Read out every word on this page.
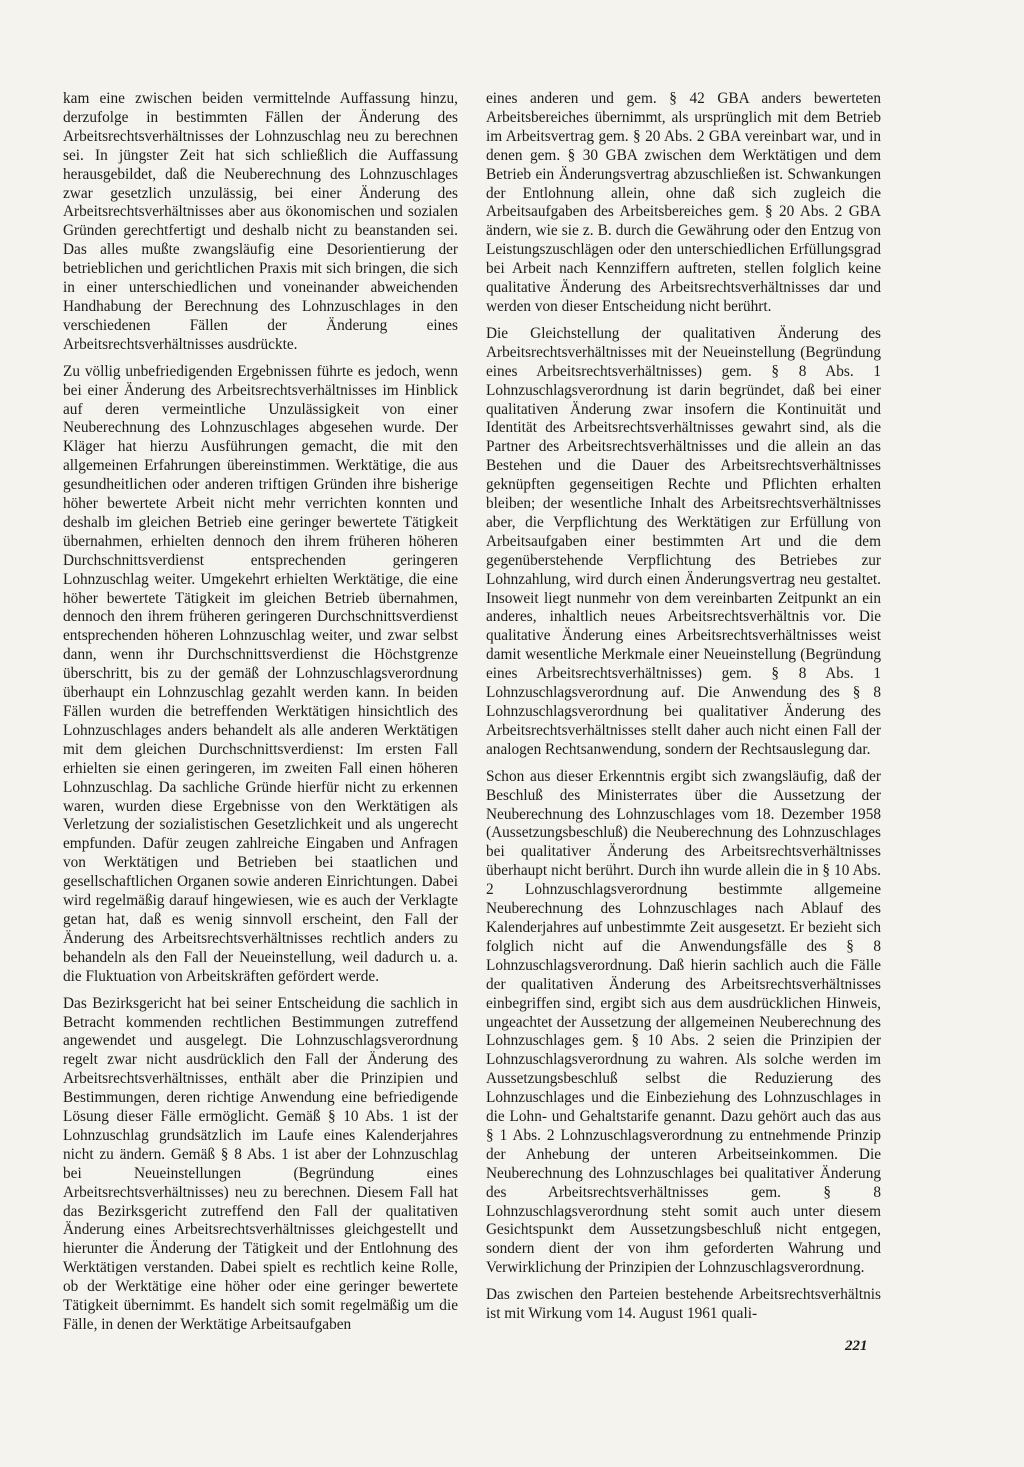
kam eine zwischen beiden vermittelnde Auffassung hinzu, derzufolge in bestimmten Fällen der Änderung des Arbeitsrechtsverhältnisses der Lohnzuschlag neu zu berechnen sei. In jüngster Zeit hat sich schließlich die Auffassung herausgebildet, daß die Neuberechnung des Lohnzuschlages zwar gesetzlich unzulässig, bei einer Änderung des Arbeitsrechtsverhältnisses aber aus ökonomischen und sozialen Gründen gerechtfertigt und deshalb nicht zu beanstanden sei. Das alles mußte zwangsläufig eine Desorientierung der betrieblichen und gerichtlichen Praxis mit sich bringen, die sich in einer unterschiedlichen und voneinander abweichenden Handhabung der Berechnung des Lohnzuschlages in den verschiedenen Fällen der Änderung eines Arbeitsrechtsverhältnisses ausdrückte.

Zu völlig unbefriedigenden Ergebnissen führte es jedoch, wenn bei einer Änderung des Arbeitsrechtsverhältnisses im Hinblick auf deren vermeintliche Unzulässigkeit von einer Neuberechnung des Lohnzuschlages abgesehen wurde. Der Kläger hat hierzu Ausführungen gemacht, die mit den allgemeinen Erfahrungen übereinstimmen. Werktätige, die aus gesundheitlichen oder anderen triftigen Gründen ihre bisherige höher bewertete Arbeit nicht mehr verrichten konnten und deshalb im gleichen Betrieb eine geringer bewertete Tätigkeit übernahmen, erhielten dennoch den ihrem früheren höheren Durchschnittsverdienst entsprechenden geringeren Lohnzuschlag weiter. Umgekehrt erhielten Werktätige, die eine höher bewertete Tätigkeit im gleichen Betrieb übernahmen, dennoch den ihrem früheren geringeren Durchschnittsverdienst entsprechenden höheren Lohnzuschlag weiter, und zwar selbst dann, wenn ihr Durchschnittsverdienst die Höchstgrenze überschritt, bis zu der gemäß der Lohnzuschlagsverordnung überhaupt ein Lohnzuschlag gezahlt werden kann. In beiden Fällen wurden die betreffenden Werktätigen hinsichtlich des Lohnzuschlages anders behandelt als alle anderen Werktätigen mit dem gleichen Durchschnittsverdienst: Im ersten Fall erhielten sie einen geringeren, im zweiten Fall einen höheren Lohnzuschlag. Da sachliche Gründe hierfür nicht zu erkennen waren, wurden diese Ergebnisse von den Werktätigen als Verletzung der sozialistischen Gesetzlichkeit und als ungerecht empfunden. Dafür zeugen zahlreiche Eingaben und Anfragen von Werktätigen und Betrieben bei staatlichen und gesellschaftlichen Organen sowie anderen Einrichtungen. Dabei wird regelmäßig darauf hingewiesen, wie es auch der Verklagte getan hat, daß es wenig sinnvoll erscheint, den Fall der Änderung des Arbeitsrechtsverhältnisses rechtlich anders zu behandeln als den Fall der Neueinstellung, weil dadurch u. a. die Fluktuation von Arbeitskräften gefördert werde.

Das Bezirksgericht hat bei seiner Entscheidung die sachlich in Betracht kommenden rechtlichen Bestimmungen zutreffend angewendet und ausgelegt. Die Lohnzuschlagsverordnung regelt zwar nicht ausdrücklich den Fall der Änderung des Arbeitsrechtsverhältnisses, enthält aber die Prinzipien und Bestimmungen, deren richtige Anwendung eine befriedigende Lösung dieser Fälle ermöglicht. Gemäß § 10 Abs. 1 ist der Lohnzuschlag grundsätzlich im Laufe eines Kalenderjahres nicht zu ändern. Gemäß § 8 Abs. 1 ist aber der Lohnzuschlag bei Neueinstellungen (Begründung eines Arbeitsrechtsverhältnisses) neu zu berechnen. Diesem Fall hat das Bezirksgericht zutreffend den Fall der qualitativen Änderung eines Arbeitsrechtsverhältnisses gleichgestellt und hierunter die Änderung der Tätigkeit und der Entlohnung des Werktätigen verstanden. Dabei spielt es rechtlich keine Rolle, ob der Werktätige eine höher oder eine geringer bewertete Tätigkeit übernimmt. Es handelt sich somit regelmäßig um die Fälle, in denen der Werktätige Arbeitsaufgaben

eines anderen und gem. § 42 GBA anders bewerteten Arbeitsbereiches übernimmt, als ursprünglich mit dem Betrieb im Arbeitsvertrag gem. § 20 Abs. 2 GBA vereinbart war, und in denen gem. § 30 GBA zwischen dem Werktätigen und dem Betrieb ein Änderungsvertrag abzuschließen ist. Schwankungen der Entlohnung allein, ohne daß sich zugleich die Arbeitsaufgaben des Arbeitsbereiches gem. § 20 Abs. 2 GBA ändern, wie sie z. B. durch die Gewährung oder den Entzug von Leistungszuschlägen oder den unterschiedlichen Erfüllungsgrad bei Arbeit nach Kennziffern auftreten, stellen folglich keine qualitative Änderung des Arbeitsrechtsverhältnisses dar und werden von dieser Entscheidung nicht berührt.

Die Gleichstellung der qualitativen Änderung des Arbeitsrechtsverhältnisses mit der Neueinstellung (Begründung eines Arbeitsrechtsverhältnisses) gem. § 8 Abs. 1 Lohnzuschlagsverordnung ist darin begründet, daß bei einer qualitativen Änderung zwar insofern die Kontinuität und Identität des Arbeitsrechtsverhältnisses gewahrt sind, als die Partner des Arbeitsrechtsverhältnisses und die allein an das Bestehen und die Dauer des Arbeitsrechtsverhältnisses geknüpften gegenseitigen Rechte und Pflichten erhalten bleiben; der wesentliche Inhalt des Arbeitsrechtsverhältnisses aber, die Verpflichtung des Werktätigen zur Erfüllung von Arbeitsaufgaben einer bestimmten Art und die dem gegenüberstehende Verpflichtung des Betriebes zur Lohnzahlung, wird durch einen Änderungsvertrag neu gestaltet. Insoweit liegt nunmehr von dem vereinbarten Zeitpunkt an ein anderes, inhaltlich neues Arbeitsrechtsverhältnis vor. Die qualitative Änderung eines Arbeitsrechtsverhältnisses weist damit wesentliche Merkmale einer Neueinstellung (Begründung eines Arbeitsrechtsverhältnisses) gem. § 8 Abs. 1 Lohnzuschlagsverordnung auf. Die Anwendung des § 8 Lohnzuschlagsverordnung bei qualitativer Änderung des Arbeitsrechtsverhältnisses stellt daher auch nicht einen Fall der analogen Rechtsanwendung, sondern der Rechtsauslegung dar.

Schon aus dieser Erkenntnis ergibt sich zwangsläufig, daß der Beschluß des Ministerrates über die Aussetzung der Neuberechnung des Lohnzuschlages vom 18. Dezember 1958 (Aussetzungsbeschluß) die Neuberechnung des Lohnzuschlages bei qualitativer Änderung des Arbeitsrechtsverhältnisses überhaupt nicht berührt. Durch ihn wurde allein die in § 10 Abs. 2 Lohnzuschlagsverordnung bestimmte allgemeine Neuberechnung des Lohnzuschlages nach Ablauf des Kalenderjahres auf unbestimmte Zeit ausgesetzt. Er bezieht sich folglich nicht auf die Anwendungsfälle des § 8 Lohnzuschlagsverordnung. Daß hierin sachlich auch die Fälle der qualitativen Änderung des Arbeitsrechtsverhältnisses einbegriffen sind, ergibt sich aus dem ausdrücklichen Hinweis, ungeachtet der Aussetzung der allgemeinen Neuberechnung des Lohnzuschlages gem. § 10 Abs. 2 seien die Prinzipien der Lohnzuschlagsverordnung zu wahren. Als solche werden im Aussetzungsbeschluß selbst die Reduzierung des Lohnzuschlages und die Einbeziehung des Lohnzuschlages in die Lohn- und Gehaltstarife genannt. Dazu gehört auch das aus § 1 Abs. 2 Lohnzuschlagsverordnung zu entnehmende Prinzip der Anhebung der unteren Arbeitseinkommen. Die Neuberechnung des Lohnzuschlages bei qualitativer Änderung des Arbeitsrechtsverhältnisses gem. § 8 Lohnzuschlagsverordnung steht somit auch unter diesem Gesichtspunkt dem Aussetzungsbeschluß nicht entgegen, sondern dient der von ihm geforderten Wahrung und Verwirklichung der Prinzipien der Lohnzuschlagsverordnung.

Das zwischen den Parteien bestehende Arbeitsrechtsverhältnis ist mit Wirkung vom 14. August 1961 quali-

221
